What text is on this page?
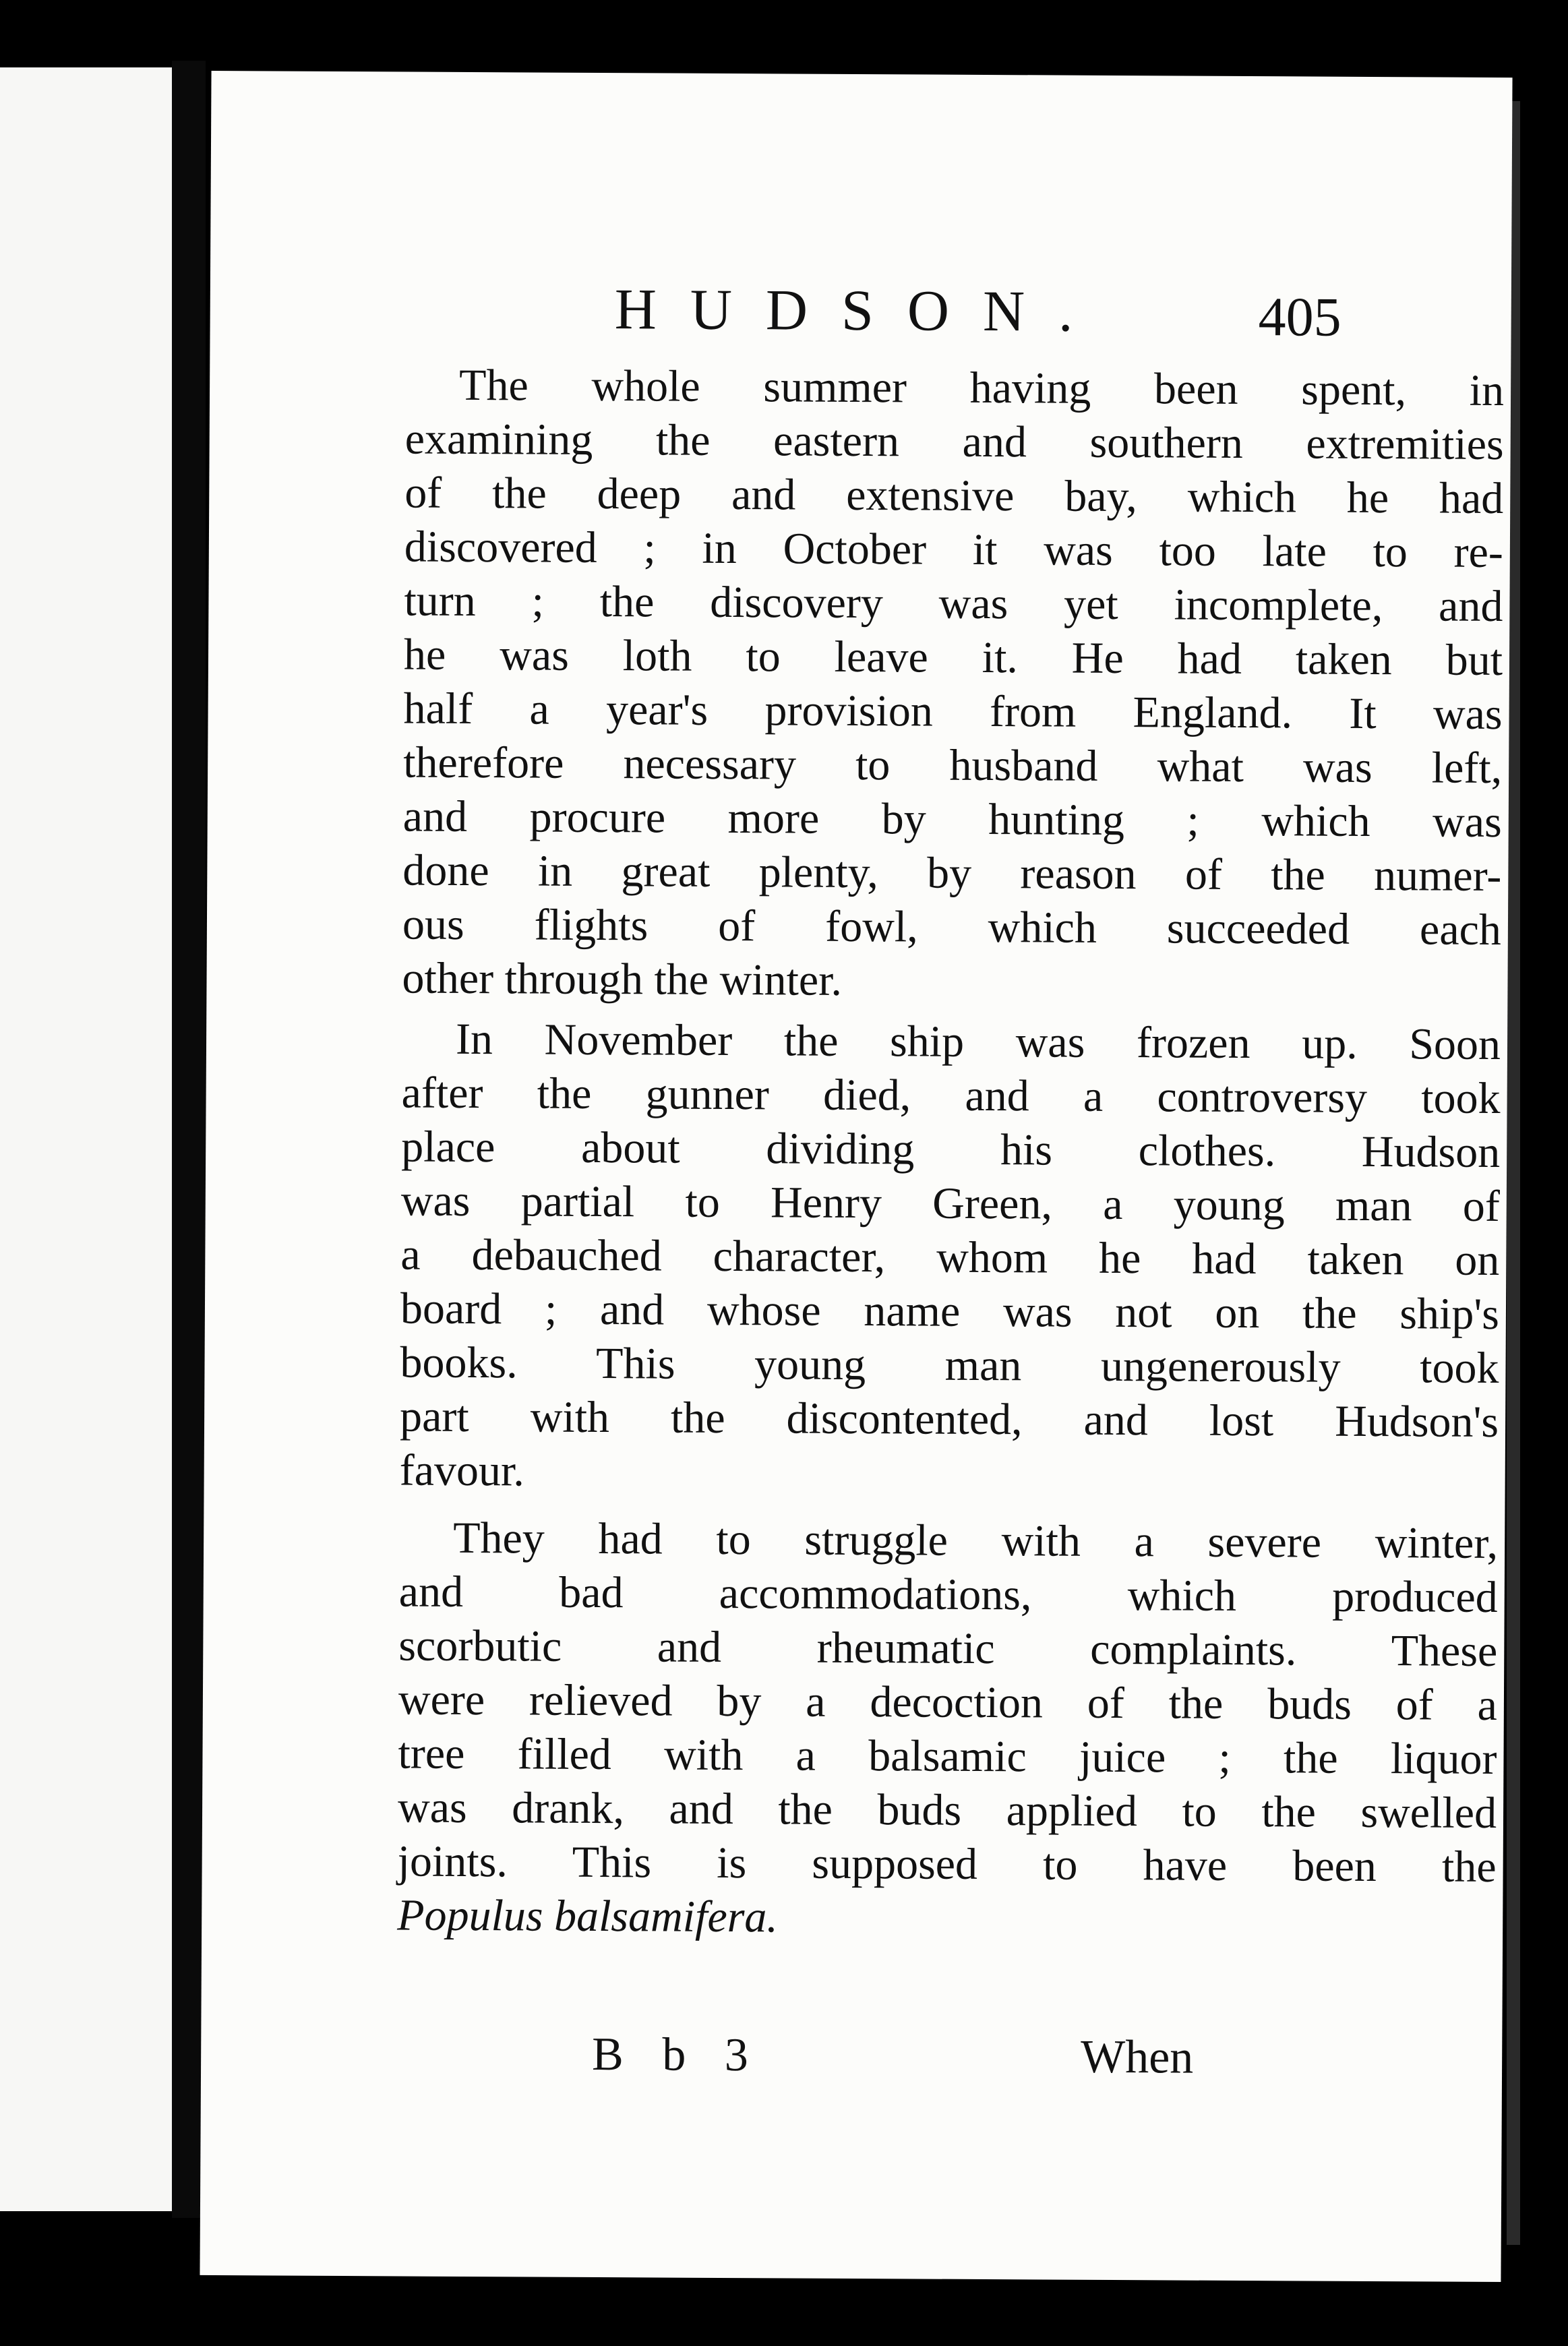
HUDSON.	405
The whole summer having been spent, in
examining the eastern and southern extremities
of the deep and extensive bay, which he had
discovered ; in October it was too late to re-
turn ; the discovery was yet incomplete, and
he was loth to leave it. He had taken but
half a year's provision from England. It was
therefore necessary to husband what was left,
and procure more by hunting ; which was
done in great plenty, by reason of the numer-
ous flights of fowl, which succeeded each
other through the winter.
In November the ship was frozen up. Soon
after the gunner died, and a controversy took
place about dividing his clothes. Hudson
was partial to Henry Green, a young man of
a debauched character, whom he had taken on
board ; and whose name was not on the ship's
books. This young man ungenerously took
part with the discontented, and lost Hudson's
favour.
They had to struggle with a severe winter,
and bad accommodations, which produced
scorbutic and rheumatic complaints. These
were relieved by a decoction of the buds of a
tree filled with a balsamic juice ; the liquor
was drank, and the buds applied to the swelled
joints. This is supposed to have been the
Populus balsamifera.
B b 3	When
